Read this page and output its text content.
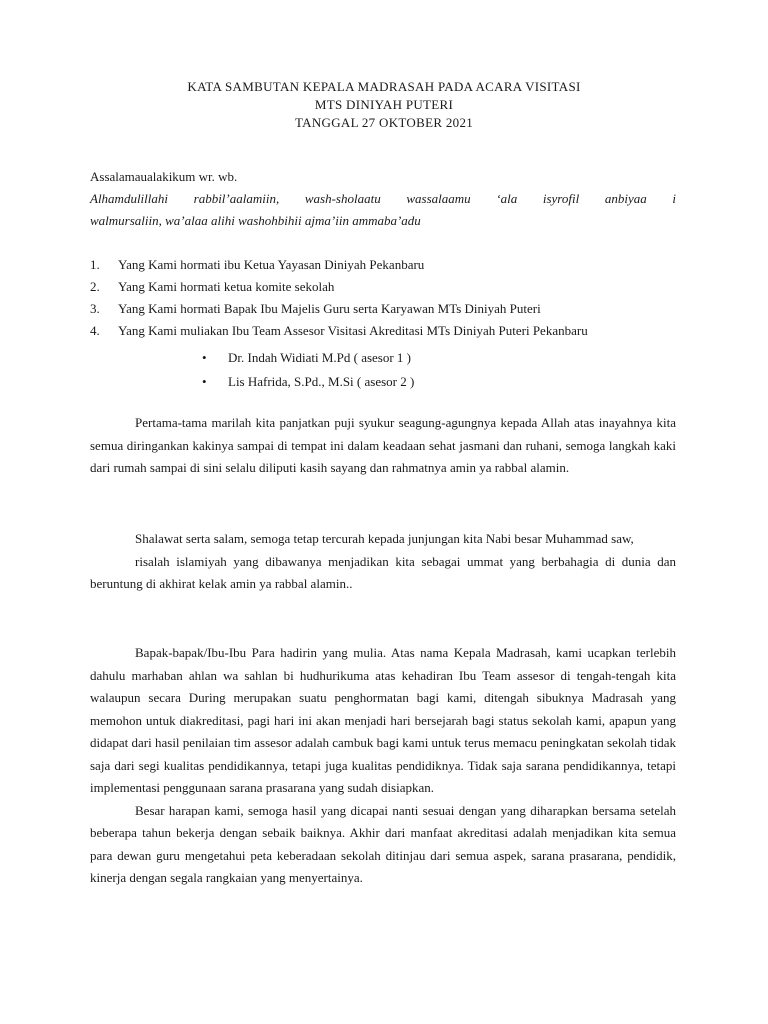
KATA SAMBUTAN KEPALA MADRASAH PADA ACARA VISITASI
MTS DINIYAH PUTERI
TANGGAL 27 OKTOBER 2021
Assalamaualakikum wr. wb.
Alhamdulillahi rabbil’aalamiin, wash-sholaatu wassalaamu ‘ala isyrofil anbiyaa i
walmursaliin, wa’alaa alihi washohbihii ajma’iin ammaba’adu
1. Yang Kami hormati ibu Ketua Yayasan Diniyah Pekanbaru
2. Yang Kami hormati ketua komite sekolah
3. Yang Kami hormati Bapak Ibu Majelis Guru serta Karyawan MTs Diniyah Puteri
4. Yang Kami muliakan Ibu Team Assesor Visitasi Akreditasi MTs Diniyah Puteri Pekanbaru
• Dr. Indah Widiati M.Pd ( asesor 1 )
• Lis Hafrida, S.Pd., M.Si ( asesor 2 )

Pertama-tama marilah kita panjatkan puji syukur seagung-agungnya kepada Allah atas inayahnya kita semua diringankan kakinya sampai di tempat ini dalam keadaan sehat jasmani dan ruhani, semoga langkah kaki dari rumah sampai di sini selalu diliputi kasih sayang dan rahmatnya amin ya rabbal alamin.

Shalawat serta salam, semoga tetap tercurah kepada junjungan kita Nabi besar Muhammad saw,

risalah islamiyah yang dibawanya menjadikan kita sebagai ummat yang berbahagia di dunia dan beruntung di akhirat kelak amin ya rabbal alamin..

Bapak-bapak/Ibu-Ibu Para hadirin yang mulia. Atas nama Kepala Madrasah, kami ucapkan terlebih dahulu marhaban ahlan wa sahlan bi hudhurikuma atas kehadiran Ibu Team assesor di tengah-tengah kita walaupun secara During merupakan suatu penghormatan bagi kami, ditengah sibuknya Madrasah yang memohon untuk diakreditasi, pagi hari ini akan menjadi hari bersejarah bagi status sekolah kami, apapun yang didapat dari hasil penilaian tim assesor adalah cambuk bagi kami untuk terus memacu peningkatan sekolah tidak saja dari segi kualitas pendidikannya, tetapi juga kualitas pendidiknya. Tidak saja sarana pendidikannya, tetapi implementasi penggunaan sarana prasarana yang sudah disiapkan.

Besar harapan kami, semoga hasil yang dicapai nanti sesuai dengan yang diharapkan bersama setelah beberapa tahun bekerja dengan sebaik baiknya. Akhir dari manfaat akreditasi adalah menjadikan kita semua para dewan guru mengetahui peta keberadaan sekolah ditinjau dari semua aspek, sarana prasarana, pendidik, kinerja dengan segala rangkaian yang menyertainya.
